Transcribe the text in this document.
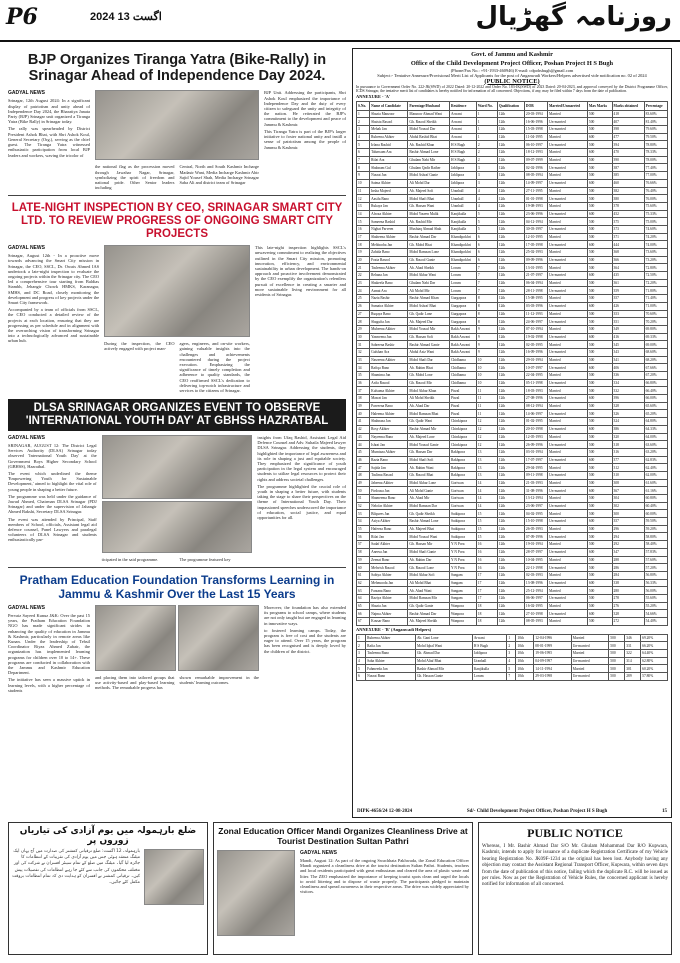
P6	2024 اگست 13	روزنامہ گھڑیال
BJP Organizes Tiranga Yatra (Bike-Rally) in Srinagar Ahead of Independence Day 2024.
GADYAL NEWS

Srinagar, 12th August 2024: In a significant display of patriotism and unity ahead of Independence Day 2024, the Bharatiya Janata Party (BJP) Srinagar unit organized a Tiranga Yatra (Bike Rally) in Srinagar today.

The rally was spearheaded by District President Ashok Bhat, with Shri Ashok Koul, General Secretary (Org.), serving as the chief guest. The Tiranga Yatra witnessed enthusiastic participation from local BJP leaders and workers, waving the tricolor of

the national flag as the procession moved through Jawahar Nagar, Srinagar, symbolizing the spirit of freedom and national pride. Other Senior leaders including

Central, North and South Kashmir Incharge Madasir Wani, Media Incharge Kashmir Abir Sajid Yousef Shah, Media Incharge Srinagar Saba Ali and district team of Srinagar

BJP Unit. Addressing the participants, Shri Ashok Koul emphasized the importance of Independence Day and the duty of every citizen to safeguard the unity and integrity of the nation. He reiterated the BJP's commitment to the development and peace of Jammu & Kashmir.

This Tiranga Yatra is part of the BJP's larger initiative to foster national unity and instill a sense of patriotism among the people of Jammu & Kashmir.

LATE-NIGHT INSPECTION BY CEO, SRINAGAR SMART CITY LTD. TO REVIEW PROGRESS OF ONGOING SMART CITY PROJECTS
GADYAL NEWS

Srinagar, August 12th - In a proactive move towards advancing the Smart City mission in Srinagar, the CEO, SSCL, Dr. Owais Ahmed IAS undertook a late-night inspection to evaluate the ongoing projects within the Srinagar city. The CEO led a comprehensive tour starting from Baldias Stambh, Jehangir Chowk HMKS, Karanagar, SMHS, and DC Road, closely monitoring the development and progress of key projects under the Smart City framework.

Accompanied by a team of officials from SSCL, the CEO conducted a detailed review of the projects at each location, ensuring that they are progressing as per schedule and in alignment with the overarching vision of transforming Srinagar into a technologically advanced and sustainable urban hub.

During the inspection, the CEO actively engaged with project man-

agers, engineers, and on-site workers, gaining valuable insights into the challenges and achievements encountered during the project execution. Emphasizing the significance of timely completion and adherence to quality standards, the CEO reaffirmed SSCL's dedication to delivering top-notch infrastructure and services to the citizens of Srinagar.

This late-night inspection highlights SSCL's unwavering commitment to realizing the objectives outlined in the Smart City mission, promoting innovation, efficiency, and environmental sustainability in urban development. The hands-on approach and proactive involvement demonstrated by the CEO exemplify the organization's relentless pursuit of excellence in creating a smarter and more sustainable living environment for all residents of Srinagar.

DLSA SRINAGAR ORGANIZES EVENT TO OBSERVE 'INTERNATIONAL YOUTH DAY' AT GBHSS HAZRATBAL
GADYAL NEWS

SRINAGAR, AUGUST 12: The District Legal Services Authority (DLSA) Srinagar today observed 'International Youth Day' at the Government Boys Higher Secondary School (GBHSS), Hazratbal.

The event which underlined the theme 'Empowering Youth for Sustainable Development,' aimed to highlight the vital role of young people in shaping a better future.

The programme was held under the guidance of Jawad Ahmed, Chairman DLSA Srinagar (PDJ Srinagar) and under the supervision of Jahangir Ahmed Bakshi, Secretary DLSA Srinagar.

The event was attended by Principal, Staff members of School, officials, Assistant legal aid defence counsel, Panel Lawyers and paralegal volunteers of DLSA Srinagar and students enthusiastically par-

ticipated in the said programme.	The programme featured key

insights from Ufaq Rashid, Assistant Legal Aid Defence Counsel and Adv. Suhaila Majeed lawyer DLSA Srinagar. Addressing the students, they highlighted the importance of legal awareness and its role in shaping a just and equitable society. They emphasized the significance of youth participation in the legal system and encouraged students to utilize legal resources to protect their rights and address societal challenges.

The programme highlighted the crucial role of youth in shaping a better future, with students taking the stage to share their perspectives on the theme of International Youth Day. Their impassioned speeches underscored the importance of education, social justice, and equal opportunities for all.

Pratham Education Foundation Transforms Learning in Jammu & Kashmir Over the Last 15 Years
GADYAL NEWS

Pervaiz Sayeed Kunuz J&K: Over the past 15 years, the Pratham Education Foundation NGO has made significant strides in enhancing the quality of education in Jammu & Kashmir, particularly in remote areas like Kunan. Under the leadership of Tehsil Coordinator Riyaz Ahmed Zubair, the organization has implemented learning programs for children over 10 to 14+. These programs are conducted in collaboration with the Jammu and Kashmir Education Department.

The initiative has seen a massive uptick in learning levels, with a higher percentage of students

and placing them into tailored groups that use activity-based and play-based learning methods. The remarkable progress has

shown remarkable improvement in the students' learning outcomes.

Moreover, the foundation has also extended its programs to school camps, where students are not only taught but are engaged in learning in innovative ways.

to fostered learning camps. Today, the program is free of cost and the students are eager to attend. Over 15 years, the program has been recognised and is deeply loved by the children of the district.

Govt. of Jammu and Kashmir
Office of the Child Development Project Officer, Poshan Project H S Bugh
(Phone/Fax No.: +91-1933-460946) E-mail: cdpohsbugh@gmail.com
Subject:- Tentative Annexure/Provisional Merit List of Applicants for the post of Anganwadi Workers/Helpers advertised vide notification no. 02 of 2024
(PUBLIC NOTICE)

In pursuance to Government Order No. 222-JK(SWD) of 2022 Dated: 20-12-2022 and Order No. 183-JK(SWD) of 2023 Dated: 20-04-2023, and approval conveyed by the District Programme Officer, ICDS Srinagar, the tentative merit list of candidates is hereby notified for information of all concerned. Objections, if any, may be filed within 7 days from the date of publication.

ANNEXURE - 'A'
S.No.	Name of Candidate	Parentage/Husband	Residence	Ward No.	Qualification	DOB	Married/Unmarried	Max Marks	Marks obtained	Percentage
1	Shazia Manzoor	Manzoor Ahmad Wani	Arwani	1	12th	20-03-1994	Married	500	418	83.60%
2	Shaista Rasool	Gh. Rasool Sheikh	Arwani	1	12th	16-06-1996	Un-married	500	407	81.40%
3	Mehak Jan	Mohd Yousuf Dar	Arwani	1	12th	15-03-1998	Un-married	500	398	79.60%
4	Rubeena Akhter	Abdul Rashid Bhat	Arwani	1	12th	11-04-1995	Married	600	477	79.50%
5	Irfana Rashid	Ab. Rashid Khan	H S Bugh	2	12th	06-10-1997	Un-married	500	394	78.80%
6	Tabassum Ara	Bashir Ahmad Lone	H S Bugh	2	12th	18-12-1993	Married	600	470	78.33%
7	Rifat Ara	Ghulam Nabi Mir	H S Bugh	2	12th	09-07-1999	Married	500	390	78.00%
8	Shabnam Gul	Ghulam Qadir Rather	Jablipora	3	12th	02-02-1996	Un-married	500	387	77.40%
9	Nusrat Jan	Mohd Ashraf Ganie	Jablipora	3	12th	08-05-1994	Married	500	385	77.00%
10	Saima Akhter	Ali Mohd Dar	Jablipora	3	12th	14-09-1997	Un-married	600	460	76.66%
11	Insha Majeed	Ab. Majeed Sofi	Uranhall	4	12th	27-11-1995	Married	500	382	76.40%
12	Aasifa Bano	Mohd Shafi Bhat	Uranhall	4	12th	01-01-1998	Un-married	500	380	76.00%
13	Rukaya Jan	Gh. Hassan Wani	Uranhall	4	12th	19-08-1993	Married	500	378	75.60%
14	Afroza Akhter	Mohd Yaseen Malik	Kanjikulla	5	12th	23-06-1996	Un-married	600	452	75.33%
15	Sameena Rashid	Ab. Rashid Mir	Kanjikulla	5	12th	04-12-1994	Married	500	375	75.00%
16	Nighat Parveen	Mushtaq Ahmad Shah	Kanjikulla	5	12th	30-03-1997	Un-married	500	373	74.60%
17	Shaheena Akhter	Bashir Ahmad Dar	Khandipokhri	6	12th	12-10-1995	Married	500	371	74.20%
18	Mehbooba Jan	Gh. Mohd Bhat	Khandipokhri	6	12th	17-05-1998	Un-married	600	444	74.00%
19	Zahida Bano	Mohd Ramzan Lone	Khandipokhri	6	12th	25-02-1993	Married	500	368	73.60%
20	Fozia Rasool	Gh. Rasool Ganie	Khandipokhri	6	12th	09-09-1996	Un-married	500	366	73.20%
21	Tasleema Akhter	Ab. Ahad Sheikh	Lorum	7	12th	13-01-1995	Married	500	364	72.80%
22	Rehana Jan	Mohd Akbar Wani	Lorum	7	12th	21-07-1997	Un-married	600	435	72.50%
23	Shakeela Bano	Ghulam Nabi Dar	Lorum	7	12th	06-04-1994	Married	500	361	72.20%
24	Asmat Ara	Ali Mohd Mir	Lorum	7	12th	28-11-1998	Un-married	500	359	71.80%
25	Nazia Bashir	Bashir Ahmad Khan	Gurgapora	8	12th	15-08-1995	Married	500	357	71.40%
26	Sumaira Akhter	Mohd Ashraf Bhat	Gurgapora	8	12th	03-03-1996	Un-married	600	426	71.00%
27	Ruqaya Bano	Gh. Qadir Lone	Gurgapora	8	12th	11-12-1993	Married	500	353	70.60%
28	Shagufta Jan	Ab. Majeed Dar	Gurgapora	8	12th	24-06-1997	Un-married	500	351	70.20%
29	Mubeena Akhter	Mohd Yousuf Mir	Rakh Arwani	9	12th	07-10-1994	Married	500	349	69.80%
30	Yasmeena Jan	Gh. Hassan Sofi	Rakh Arwani	9	12th	19-02-1998	Un-married	600	416	69.33%
31	Sabreena Bashir	Bashir Ahmad Ganie	Rakh Arwani	9	12th	02-05-1995	Married	500	345	69.00%
32	Gulshan Ara	Abdul Aziz Wani	Rakh Arwani	9	12th	16-09-1996	Un-married	500	343	68.60%
33	Nasreena Akhter	Mohd Shafi Dar	Chidhama	10	12th	29-01-1994	Married	500	341	68.20%
34	Rafiqa Bano	Ab. Rahim Bhat	Chidhama	10	12th	10-07-1997	Un-married	600	406	67.66%
35	Shamima Jan	Gh. Mohd Lone	Chidhama	10	12th	22-04-1995	Married	500	336	67.20%
36	Arifa Rasool	Gh. Rasool Mir	Chidhama	10	12th	05-11-1998	Un-married	500	334	66.80%
37	Kulsuma Akhter	Mohd Akbar Khan	Pirzal	11	12th	18-03-1993	Married	500	332	66.40%
38	Masrat Jan	Ali Mohd Sheikh	Pirzal	11	12th	27-08-1996	Un-married	600	396	66.00%
39	Parveena Bano	Ab. Ahad Dar	Pirzal	11	12th	08-12-1994	Married	500	328	65.60%
40	Haleema Akhter	Mohd Ramzan Bhat	Pirzal	11	12th	14-06-1997	Un-married	500	326	65.20%
41	Shahnaza Jan	Gh. Qadir Wani	Chinkipora	12	12th	01-02-1995	Married	500	324	64.80%
42	Rosy Akhter	Bashir Ahmad Mir	Chinkipora	12	12th	20-10-1998	Un-married	600	386	64.33%
43	Nayeema Bano	Ab. Majeed Lone	Chinkipora	12	12th	12-05-1993	Married	500	320	64.00%
44	Ishrat Jan	Mohd Yousuf Ganie	Chinkipora	12	12th	26-09-1996	Un-married	500	318	63.60%
45	Mumtaza Akhter	Gh. Hassan Dar	Rakhpora	13	12th	03-01-1994	Married	500	316	63.20%
46	Razia Bano	Mohd Shafi Sofi	Rakhpora	13	12th	17-07-1997	Un-married	600	377	62.83%
47	Sajida Jan	Ab. Rahim Wani	Rakhpora	13	12th	29-04-1995	Married	500	312	62.40%
48	Taslima Rasool	Gh. Rasool Bhat	Rakhpora	13	12th	09-11-1998	Un-married	500	310	62.00%
49	Jabeena Akhter	Mohd Akbar Lone	Goriwan	14	12th	21-03-1993	Married	500	308	61.60%
50	Firdousa Jan	Ali Mohd Ganie	Goriwan	14	12th	31-08-1996	Un-married	600	367	61.16%
51	Shameema Bano	Ab. Ahad Mir	Goriwan	14	12th	13-12-1994	Married	500	304	60.80%
52	Nelofar Akhter	Mohd Ramzan Dar	Goriwan	14	12th	23-06-1997	Un-married	500	302	60.40%
53	Bilquees Jan	Gh. Qadir Sheikh	Sutkipora	15	12th	04-02-1995	Married	500	300	60.00%
54	Asiya Akhter	Bashir Ahmad Lone	Sutkipora	15	12th	15-10-1998	Un-married	600	357	59.50%
55	Hafeeza Bano	Ab. Majeed Bhat	Sutkipora	15	12th	26-05-1993	Married	500	296	59.20%
56	Rifat Jan	Mohd Yousuf Wani	Sutkipora	15	12th	07-09-1996	Un-married	500	294	58.80%
57	Sadaf Akhter	Gh. Hassan Mir	Y N Pora	16	12th	19-01-1994	Married	500	292	58.40%
58	Aneesa Jan	Mohd Shafi Ganie	Y N Pora	16	12th	28-07-1997	Un-married	600	347	57.83%
59	Zeenat Bano	Ab. Rahim Dar	Y N Pora	16	12th	10-04-1995	Married	500	288	57.60%
60	Mehvish Rasool	Gh. Rasool Lone	Y N Pora	16	12th	22-11-1998	Un-married	500	286	57.20%
61	Sabiya Akhter	Mohd Akbar Sofi	Sangam	17	12th	02-03-1993	Married	500	284	56.80%
62	Mehmooda Jan	Ali Mohd Bhat	Sangam	17	12th	13-08-1996	Un-married	600	338	56.33%
63	Farzana Bano	Ab. Ahad Wani	Sangam	17	12th	25-12-1994	Married	500	280	56.00%
64	Raziya Akhter	Mohd Ramzan Mir	Sangam	17	12th	06-06-1997	Un-married	500	278	55.60%
65	Shazia Jan	Gh. Qadir Ganie	Wanpora	18	12th	16-02-1995	Married	500	276	55.20%
66	Najma Akhter	Bashir Ahmad Dar	Wanpora	18	12th	27-10-1998	Un-married	600	328	54.66%
67	Kousar Bano	Ab. Majeed Sheikh	Wanpora	18	12th	08-05-1993	Married	500	272	54.40%
ANNEXURE - 'B' (Anganwadi Helpers)
1	Rubeena Akhter	Ab. Gani Lone	Arwani	1	10th	12-04-1996	Married	500	346	69.20%
2	Rafia Jan	Mohd Iqbal Wani	H S Bugh	2	10th	08-01-1999	Un-married	500	331	66.20%
3	Tasleema Bano	Gh. Ahmad Dar	Jablipora	3	10th	19-06-1995	Married	500	322	64.40%
4	Saba Akhter	Mohd Altaf Bhat	Uranhall	4	10th	04-09-1997	Un-married	500	314	62.80%
5	Fahmeeda Jan	Bashir Ahmad Mir	Kanjikulla	5	10th	14-11-1994	Married	500	301	60.20%
6	Nusrat Bano	Gh. Hassan Ganie	Lorum	7	10th	29-03-1998	Un-married	500	289	57.80%
DIPK-4656/24 12-08-2024	Sd/- Child Development Project Officer, Poshan Project H S Bugh	15
ضلع بارہمولہ میں یوم آزادی کی تیاریاں زوروں پر
بارہمولہ، 12 اگست: ضلع ترقیاتی کمشنر کی صدارت میں آج یہاں ایک میٹنگ منعقد ہوئی جس میں یوم آزادی کی تقریبات کے انتظامات کا جائزہ لیا گیا۔ میٹنگ میں ضلع کے تمام سینئر افسران نے شرکت کی اور مختلف محکموں کی جانب سے کئے جا رہے انتظامات کی تفصیلات پیش کیں۔ ترقیاتی کمشنر نے افسران کو ہدایت دی کہ تمام انتظامات بروقت مکمل کئے جائیں۔
Zonal Education Officer Mandi Organizes Cleanliness Drive at Tourist Destination Sultan Pathri
GADYAL NEWS

Mandi, August 12: As part of the ongoing Swachhata Pakhwada, the Zonal Education Officer Mandi organized a cleanliness drive at the tourist destination Sultan Pathri. Students, teachers and local residents participated with great enthusiasm and cleared the area of plastic waste and litter. The ZEO emphasized the importance of keeping tourist spots clean and urged the locals to avoid littering and to dispose of waste properly. The participants pledged to maintain cleanliness and spread awareness in their respective areas. The drive was widely appreciated by visitors.

PUBLIC NOTICE

Whereas, I Mr. Bashir Ahmad Dar S/O Mr. Ghulam Mohammad Dar R/O Kupwara, Kashmir, intends to apply for issuance of a duplicate Registration Certificate of my Vehicle bearing Registration No. JK09F-1234 as the original has been lost. Anybody having any objection may contact the Assistant Regional Transport Officer, Kupwara, within seven days from the date of publication of this notice, failing which the duplicate R.C. will be issued as per rules. Now as per the Registration of Vehicle Rules, the concerned applicant is hereby notified for information of all concerned.
